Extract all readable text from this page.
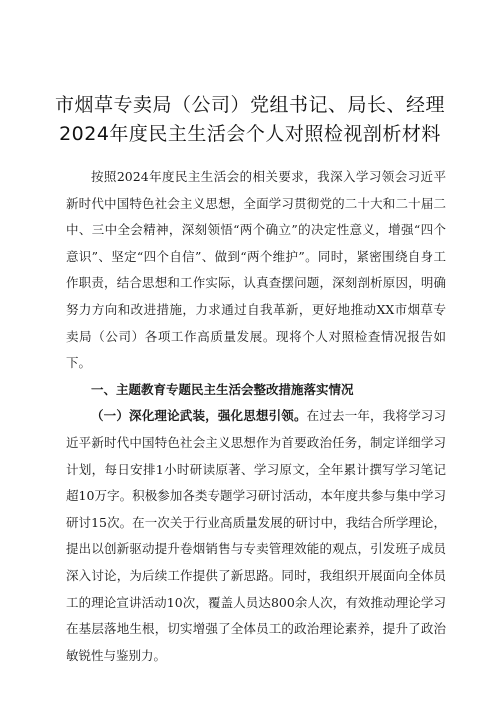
市烟草专卖局（公司）党组书记、局长、经理
2024年度民主生活会个人对照检视剖析材料

按照2024年度民主生活会的相关要求，我深入学习领会习近平新时代中国特色社会主义思想，全面学习贯彻党的二十大和二十届二中、三中全会精神，深刻领悟“两个确立”的决定性意义，增强“四个意识”、坚定“四个自信”、做到“两个维护”。同时，紧密围绕自身工作职责，结合思想和工作实际，认真查摆问题，深刻剖析原因，明确努力方向和改进措施，力求通过自我革新，更好地推动XX市烟草专卖局（公司）各项工作高质量发展。现将个人对照检查情况报告如下。

一、主题教育专题民主生活会整改措施落实情况

（一）深化理论武装，强化思想引领。在过去一年，我将学习习近平新时代中国特色社会主义思想作为首要政治任务，制定详细学习计划，每日安排1小时研读原著、学习原文，全年累计撰写学习笔记超10万字。积极参加各类专题学习研讨活动，本年度共参与集中学习研讨15次。在一次关于行业高质量发展的研讨中，我结合所学理论，提出以创新驱动提升卷烟销售与专卖管理效能的观点，引发班子成员深入讨论，为后续工作提供了新思路。同时，我组织开展面向全体员工的理论宣讲活动10次，覆盖人员达800余人次，有效推动理论学习在基层落地生根，切实增强了全体员工的政治理论素养，提升了政治敏锐性与鉴别力。
